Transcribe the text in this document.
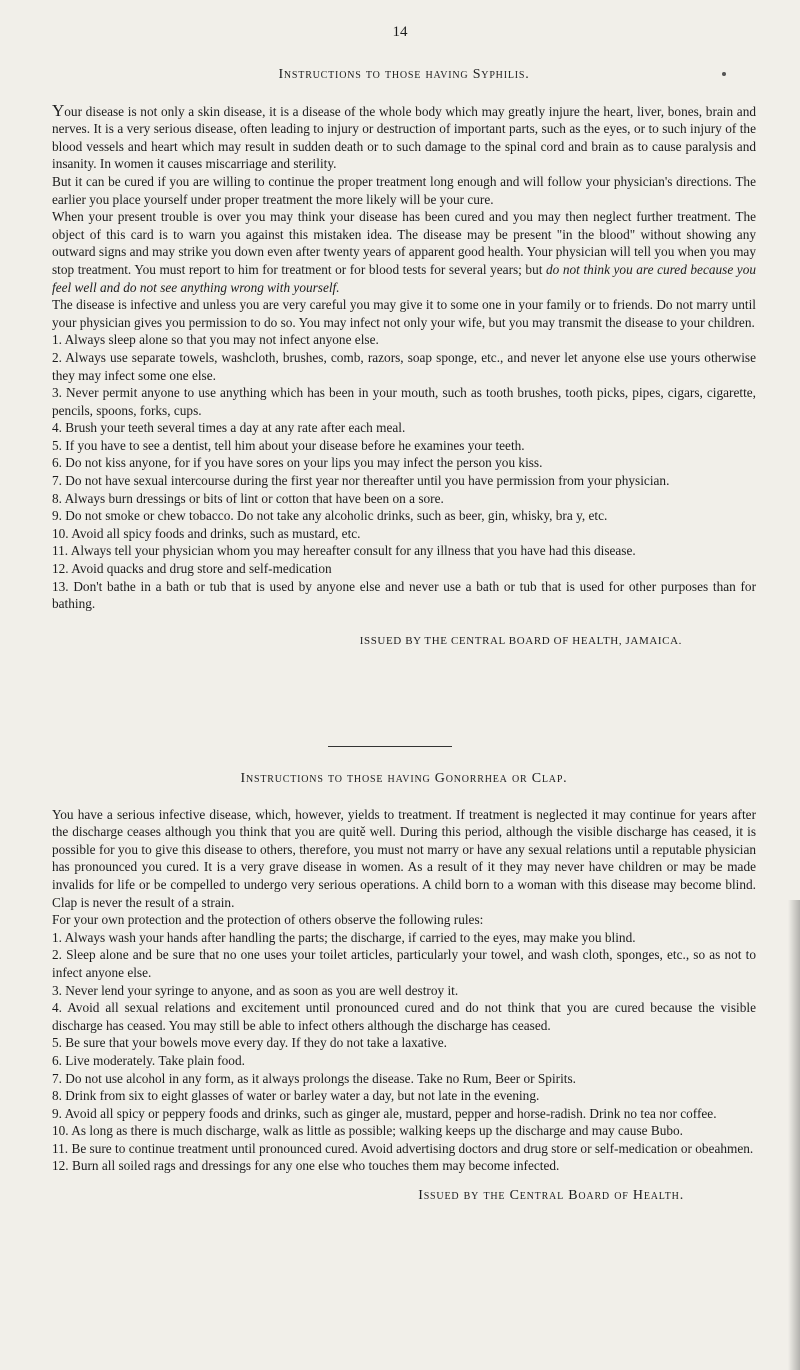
14
Instructions to those having Syphilis.

Your disease is not only a skin disease, it is a disease of the whole body which may greatly injure the heart, liver, bones, brain and nerves. It is a very serious disease, often leading to injury or destruction of important parts, such as the eyes, or to such injury of the blood vessels and heart which may result in sudden death or to such damage to the spinal cord and brain as to cause paralysis and insanity. In women it causes miscarriage and sterility.

But it can be cured if you are willing to continue the proper treatment long enough and will follow your physician's directions. The earlier you place yourself under proper treatment the more likely will be your cure.

When your present trouble is over you may think your disease has been cured and you may then neglect further treatment. The object of this card is to warn you against this mistaken idea. The disease may be present "in the blood" without showing any outward signs and may strike you down even after twenty years of apparent good health. Your physician will tell you when you may stop treatment. You must report to him for treatment or for blood tests for several years; but do not think you are cured because you feel well and do not see anything wrong with yourself.

The disease is infective and unless you are very careful you may give it to some one in your family or to friends. Do not marry until your physician gives you permission to do so. You may infect not only your wife, but you may transmit the disease to your children.

1. Always sleep alone so that you may not infect anyone else.
2. Always use separate towels, washcloth, brushes, comb, razors, soap sponge, etc., and never let anyone else use yours otherwise they may infect some one else.
3. Never permit anyone to use anything which has been in your mouth, such as tooth brushes, tooth picks, pipes, cigars, cigarette, pencils, spoons, forks, cups.
4. Brush your teeth several times a day at any rate after each meal.
5. If you have to see a dentist, tell him about your disease before he examines your teeth.
6. Do not kiss anyone, for if you have sores on your lips you may infect the person you kiss.
7. Do not have sexual intercourse during the first year nor thereafter until you have permission from your physician.
8. Always burn dressings or bits of lint or cotton that have been on a sore.
9. Do not smoke or chew tobacco. Do not take any alcoholic drinks, such as beer, gin, whisky, bra y, etc.
10. Avoid all spicy foods and drinks, such as mustard, etc.
11. Always tell your physician whom you may hereafter consult for any illness that you have had this disease.
12. Avoid quacks and drug store and self-medication
13. Don't bathe in a bath or tub that is used by anyone else and never use a bath or tub that is used for other purposes than for bathing.
ISSUED BY THE CENTRAL BOARD OF HEALTH, JAMAICA.
Instructions to those having Gonorrhea or Clap.

You have a serious infective disease, which, however, yields to treatment. If treatment is neglected it may continue for years after the discharge ceases although you think that you are quitě well. During this period, although the visible discharge has ceased, it is possible for you to give this disease to others, therefore, you must not marry or have any sexual relations until a reputable physician has pronounced you cured. It is a very grave disease in women. As a result of it they may never have children or may be made invalids for life or be compelled to undergo very serious operations. A child born to a woman with this disease may become blind. Clap is never the result of a strain.

For your own protection and the protection of others observe the following rules:

1. Always wash your hands after handling the parts; the discharge, if carried to the eyes, may make you blind.
2. Sleep alone and be sure that no one uses your toilet articles, particularly your towel, and wash cloth, sponges, etc., so as not to infect anyone else.
3. Never lend your syringe to anyone, and as soon as you are well destroy it.
4. Avoid all sexual relations and excitement until pronounced cured and do not think that you are cured because the visible discharge has ceased. You may still be able to infect others although the discharge has ceased.
5. Be sure that your bowels move every day. If they do not take a laxative.
6. Live moderately. Take plain food.
7. Do not use alcohol in any form, as it always prolongs the disease. Take no Rum, Beer or Spirits.
8. Drink from six to eight glasses of water or barley water a day, but not late in the evening.
9. Avoid all spicy or peppery foods and drinks, such as ginger ale, mustard, pepper and horse-radish. Drink no tea nor coffee.
10. As long as there is much discharge, walk as little as possible; walking keeps up the discharge and may cause Bubo.
11. Be sure to continue treatment until pronounced cured. Avoid advertising doctors and drug store or self-medication or obeahmen.
12. Burn all soiled rags and dressings for any one else who touches them may become infected.
Issued by the Central Board of Health.
